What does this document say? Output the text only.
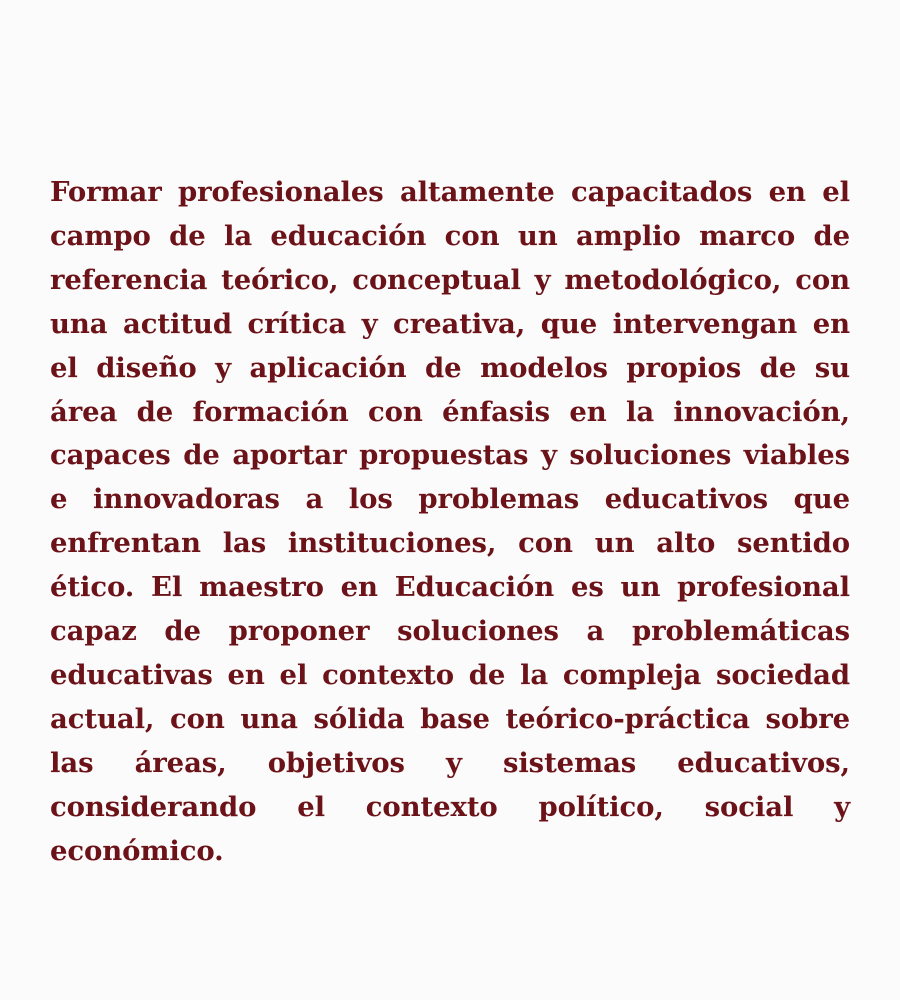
Formar profesionales altamente capacitados en el campo de la educación con un amplio marco de referencia teórico, conceptual y metodológico, con una actitud crítica y creativa, que intervengan en el diseño y aplicación de modelos propios de su área de formación con énfasis en la innovación, capaces de aportar propuestas y soluciones viables e innovadoras a los problemas educativos que enfrentan las instituciones, con un alto sentido ético. El maestro en Educación es un profesional capaz de proponer soluciones a problemáticas educativas en el contexto de la compleja sociedad actual, con una sólida base teórico-práctica sobre las áreas, objetivos y sistemas educativos, considerando el contexto político, social y económico.
